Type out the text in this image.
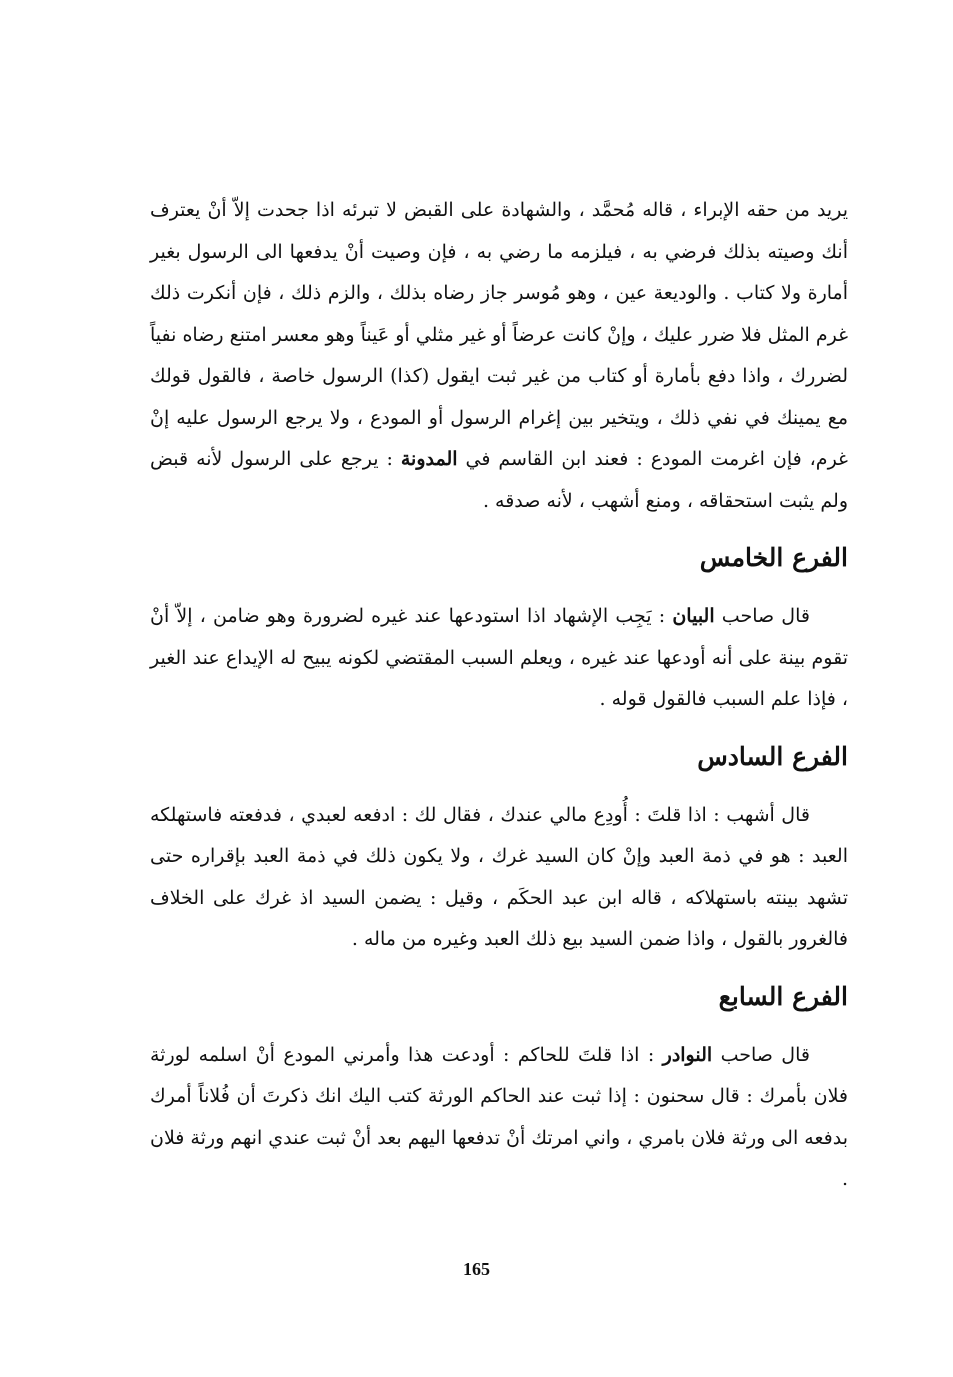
يريد من حقه الإبراء ، قاله مُحمَّد ، والشهادة على القبض لا تبرئه اذا جحدت إلاّ أنْ يعترف أنك وصيته بذلك فرضي به ، فيلزمه ما رضي به ، فإن وصيت أنْ يدفعها الى الرسول بغير أمارة ولا كتاب . والوديعة عين ، وهو مُوسر جاز رضاه بذلك ، والزم ذلك ، فإن أنكرت ذلك غرم المثل فلا ضرر عليك ، وإنْ كانت عرضاً أو غير مثلي أو عَيناً وهو معسر امتنع رضاه نفياً لضررك ، واذا دفع بأمارة أو كتاب من غير ثبت ايقول (كذا) الرسول خاصة ، فالقول قولك مع يمينك في نفي ذلك ، ويتخير بين إغرام الرسول أو المودع ، ولا يرجع الرسول عليه إنْ غرم، فإن اغرمت المودع : فعند ابن القاسم في المدونة : يرجع على الرسول لأنه قبض ولم يثبت استحقاقه ، ومنع أشهب ، لأنه صدقه .

الفرع الخامس

قال صاحب البيان : يَجِب الإشهاد اذا استودعها عند غيره لضرورة وهو ضامن ، إلاّ أنْ تقوم بينة على أنه أودعها عند غيره ، ويعلم السبب المقتضي لكونه يبيح له الإيداع عند الغير ، فإذا علم السبب فالقول قوله .

الفرع السادس

قال أشهب : اذا قلتَ : أُودِع مالي عندك ، فقال لك : ادفعه لعبدي ، فدفعته فاستهلكه العبد : هو في ذمة العبد وإنْ كان السيد غرك ، ولا يكون ذلك في ذمة العبد بإقراره حتى تشهد بينته باستهلاكه ، قاله ابن عبد الحكَم ، وقيل : يضمن السيد اذ غرك على الخلاف فالغرور بالقول ، واذا ضمن السيد بيع ذلك العبد وغيره من ماله .

الفرع السابع

قال صاحب النوادر : اذا قلتَ للحاكم : أودعت هذا وأمرني المودع أنْ اسلمه لورثة فلان بأمرك : قال سحنون : إذا ثبت عند الحاكم الورثة كتب اليك انك ذكرتَ أن فُلاناً أمرك بدفعه الى ورثة فلان بامري ، واني امرتك أنْ تدفعها اليهم بعد أنْ ثبت عندي انهم ورثة فلان .

165
